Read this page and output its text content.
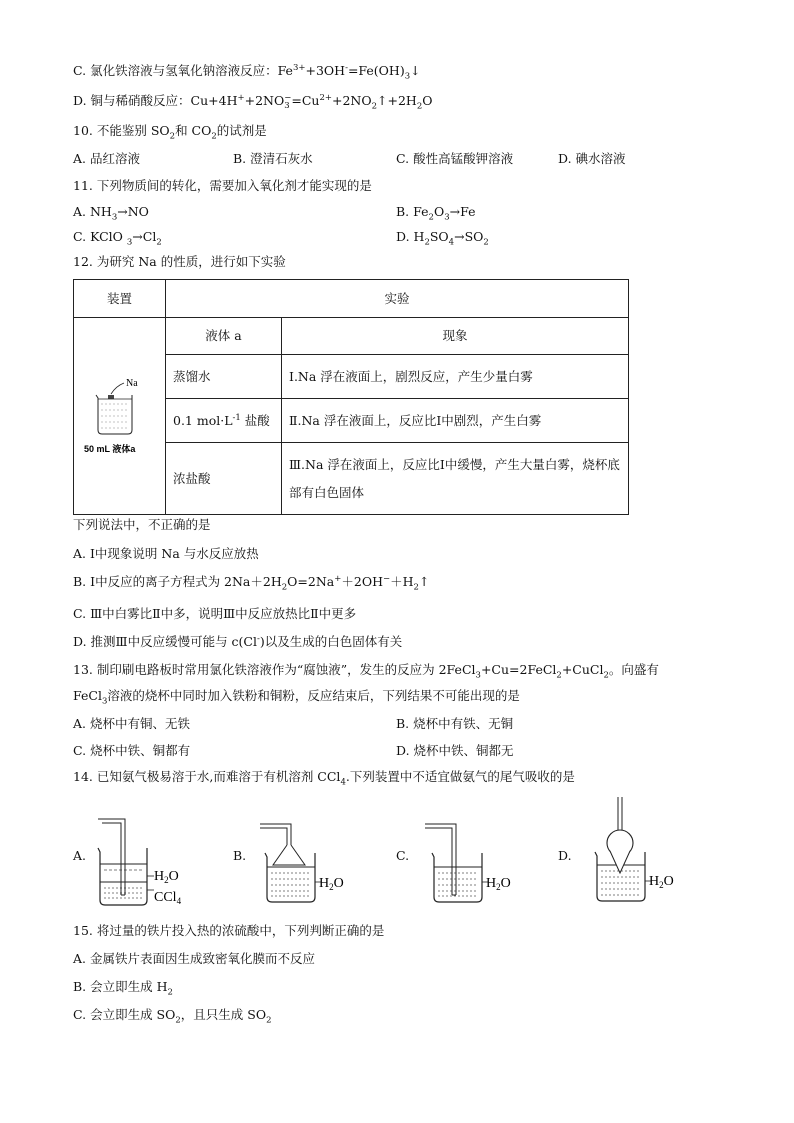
C. 氯化铁溶液与氢氧化钠溶液反应：$Fe^{3+}+3OH^-=Fe(OH)_3↓$
D. 铜与稀硝酸反应：Cu+4H++2NO −
$3 =Cu^{2+}+2NO_2↑+2H_2O$
10. 不能鉴别 $SO_2$和 $CO_2$的试剂是
A. 品红溶液	B. 澄清石灰水	C. 酸性高锰酸钾溶液	D. 碘水溶液
11. 下列物质间的转化，需要加入氧化剂才能实现的是
A. $NH_3\to NO$	B. $Fe_2O_3\to Fe$
C. KClO $_3\to Cl_2$	D. $H_2SO_4\to SO_2$
12. 为研究 Na 的性质，进行如下实验
装置	实验	

Na
50 mL 液体a	液体 a	现象
	蒸馏水	Ⅰ.Na 浮在液面上，剧烈反应，产生少量白雾
	0.1 $mol\cdot L^{-1}$ 盐酸	Ⅱ.Na 浮在液面上，反应比Ⅰ中剧烈，产生白雾
	浓盐酸	Ⅲ.Na 浮在液面上，反应比Ⅰ中缓慢，产生大量白雾，烧杯底部有白色固体
下列说法中，不正确的是
A. Ⅰ中现象说明 Na 与水反应放热
B. Ⅰ中反应的离子方程式为 $2Na+2H_2O=2Na^++2OH^-+H_2↑$
C. Ⅲ中白雾比Ⅱ中多，说明Ⅲ中反应放热比Ⅱ中更多
D. 推测Ⅲ中反应缓慢可能与 c(Cl-)以及生成的白色固体有关
13. 制印刷电路板时常用氯化铁溶液作为“腐蚀液”，发生的反应为 2FeCl$_3$+Cu=2FeCl$_2$+CuCl$_2$。向盛有
FeCl$_3$溶液的烧杯中同时加入铁粉和铜粉，反应结束后，下列结果不可能出现的是
A. 烧杯中有铜、无铁	B. 烧杯中有铁、无铜
C. 烧杯中铁、铜都有	D. 烧杯中铁、铜都无
14. 已知氨气极易溶于水,而难溶于有机溶剂 CCl$_4$.下列装置中不适宜做氨气的尾气吸收的是
A.
$H_2O$
CCl$_4$
B.
$H_2O$
C.
$H_2O$
D.
$H_2O$
15. 将过量的铁片投入热的浓硫酸中，下列判断正确的是
A. 金属铁片表面因生成致密氧化膜而不反应
B. 会立即生成 $H_2$
C. 会立即生成 $SO_2$，且只生成 $SO_2$
